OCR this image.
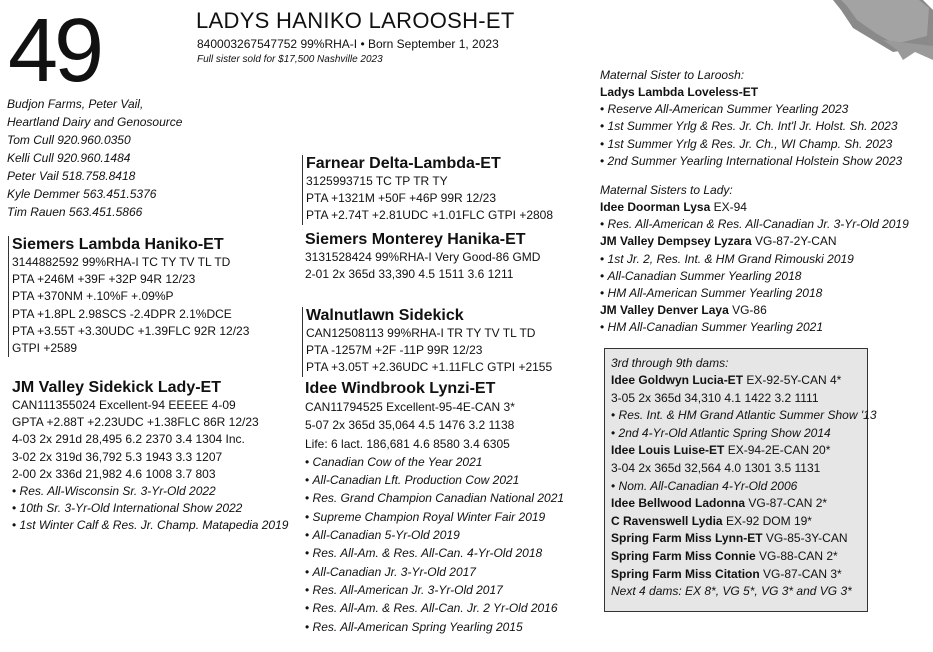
49	LADYS HANIKO LAROOSH-ET
840003267547752 99%RHA-I • Born September 1, 2023
Full sister sold for $17,500 Nashville 2023
Budjon Farms, Peter Vail,
Heartland Dairy and Genosource
Tom Cull 920.960.0350
Kelli Cull 920.960.1484
Peter Vail 518.758.8418
Kyle Demmer 563.451.5376
Tim Rauen 563.451.5866
Siemers Lambda Haniko-ET
3144882592 99%RHA-I TC TY TV TL TD
PTA +246M +39F +32P 94R 12/23
PTA +370NM +.10%F +.09%P
PTA +1.8PL 2.98SCS -2.4DPR 2.1%DCE
PTA +3.55T +3.30UDC +1.39FLC 92R 12/23
GTPI +2589
JM Valley Sidekick Lady-ET
CAN111355024 Excellent-94 EEEEE 4-09
GPTA +2.88T +2.23UDC +1.38FLC 86R 12/23
4-03 2x 291d 28,495 6.2 2370 3.4 1304 Inc.
3-02 2x 319d 36,792 5.3 1943 3.3 1207
2-00 2x 336d 21,982 4.6 1008 3.7 803
• Res. All-Wisconsin Sr. 3-Yr-Old 2022
• 10th Sr. 3-Yr-Old International Show 2022
• 1st Winter Calf & Res. Jr. Champ. Matapedia 2019
Farnear Delta-Lambda-ET
3125993715 TC TP TR TY
PTA +1321M +50F +46P 99R 12/23
PTA +2.74T +2.81UDC +1.01FLC GTPI +2808
Siemers Monterey Hanika-ET
3131528424 99%RHA-I Very Good-86 GMD
2-01 2x 365d 33,390 4.5 1511 3.6 1211
Walnutlawn Sidekick
CAN12508113 99%RHA-I TR TY TV TL TD
PTA -1257M +2F -11P 99R 12/23
PTA +3.05T +2.36UDC +1.11FLC GTPI +2155
Idee Windbrook Lynzi-ET
CAN11794525 Excellent-95-4E-CAN 3*
5-07 2x 365d 35,064 4.5 1476 3.2 1138
Life: 6 lact. 186,681 4.6 8580 3.4 6305
• Canadian Cow of the Year 2021
• All-Canadian Lft. Production Cow 2021
• Res. Grand Champion Canadian National 2021
• Supreme Champion Royal Winter Fair 2019
• All-Canadian 5-Yr-Old 2019
• Res. All-Am. & Res. All-Can. 4-Yr-Old 2018
• All-Canadian Jr. 3-Yr-Old 2017
• Res. All-American Jr. 3-Yr-Old 2017
• Res. All-Am. & Res. All-Can. Jr. 2 Yr-Old 2016
• Res. All-American Spring Yearling 2015
Maternal Sister to Laroosh:
Ladys Lambda Loveless-ET
• Reserve All-American Summer Yearling 2023
• 1st Summer Yrlg & Res. Jr. Ch. Int'l Jr. Holst. Sh. 2023
• 1st Summer Yrlg & Res. Jr. Ch., WI Champ. Sh. 2023
• 2nd Summer Yearling International Holstein Show 2023
Maternal Sisters to Lady:
Idee Doorman Lysa EX-94
• Res. All-American & Res. All-Canadian Jr. 3-Yr-Old 2019
JM Valley Dempsey Lyzara VG-87-2Y-CAN
• 1st Jr. 2, Res. Int. & HM Grand Rimouski 2019
• All-Canadian Summer Yearling 2018
• HM All-American Summer Yearling 2018
JM Valley Denver Laya VG-86
• HM All-Canadian Summer Yearling 2021
3rd through 9th dams:
Idee Goldwyn Lucia-ET EX-92-5Y-CAN 4*
3-05 2x 365d 34,310 4.1 1422 3.2 1111
• Res. Int. & HM Grand Atlantic Summer Show '13
• 2nd 4-Yr-Old Atlantic Spring Show 2014
Idee Louis Luise-ET EX-94-2E-CAN 20*
3-04 2x 365d 32,564 4.0 1301 3.5 1131
• Nom. All-Canadian 4-Yr-Old 2006
Idee Bellwood Ladonna VG-87-CAN 2*
C Ravenswell Lydia EX-92 DOM 19*
Spring Farm Miss Lynn-ET VG-85-3Y-CAN
Spring Farm Miss Connie VG-88-CAN 2*
Spring Farm Miss Citation VG-87-CAN 3*
Next 4 dams: EX 8*, VG 5*, VG 3* and VG 3*
